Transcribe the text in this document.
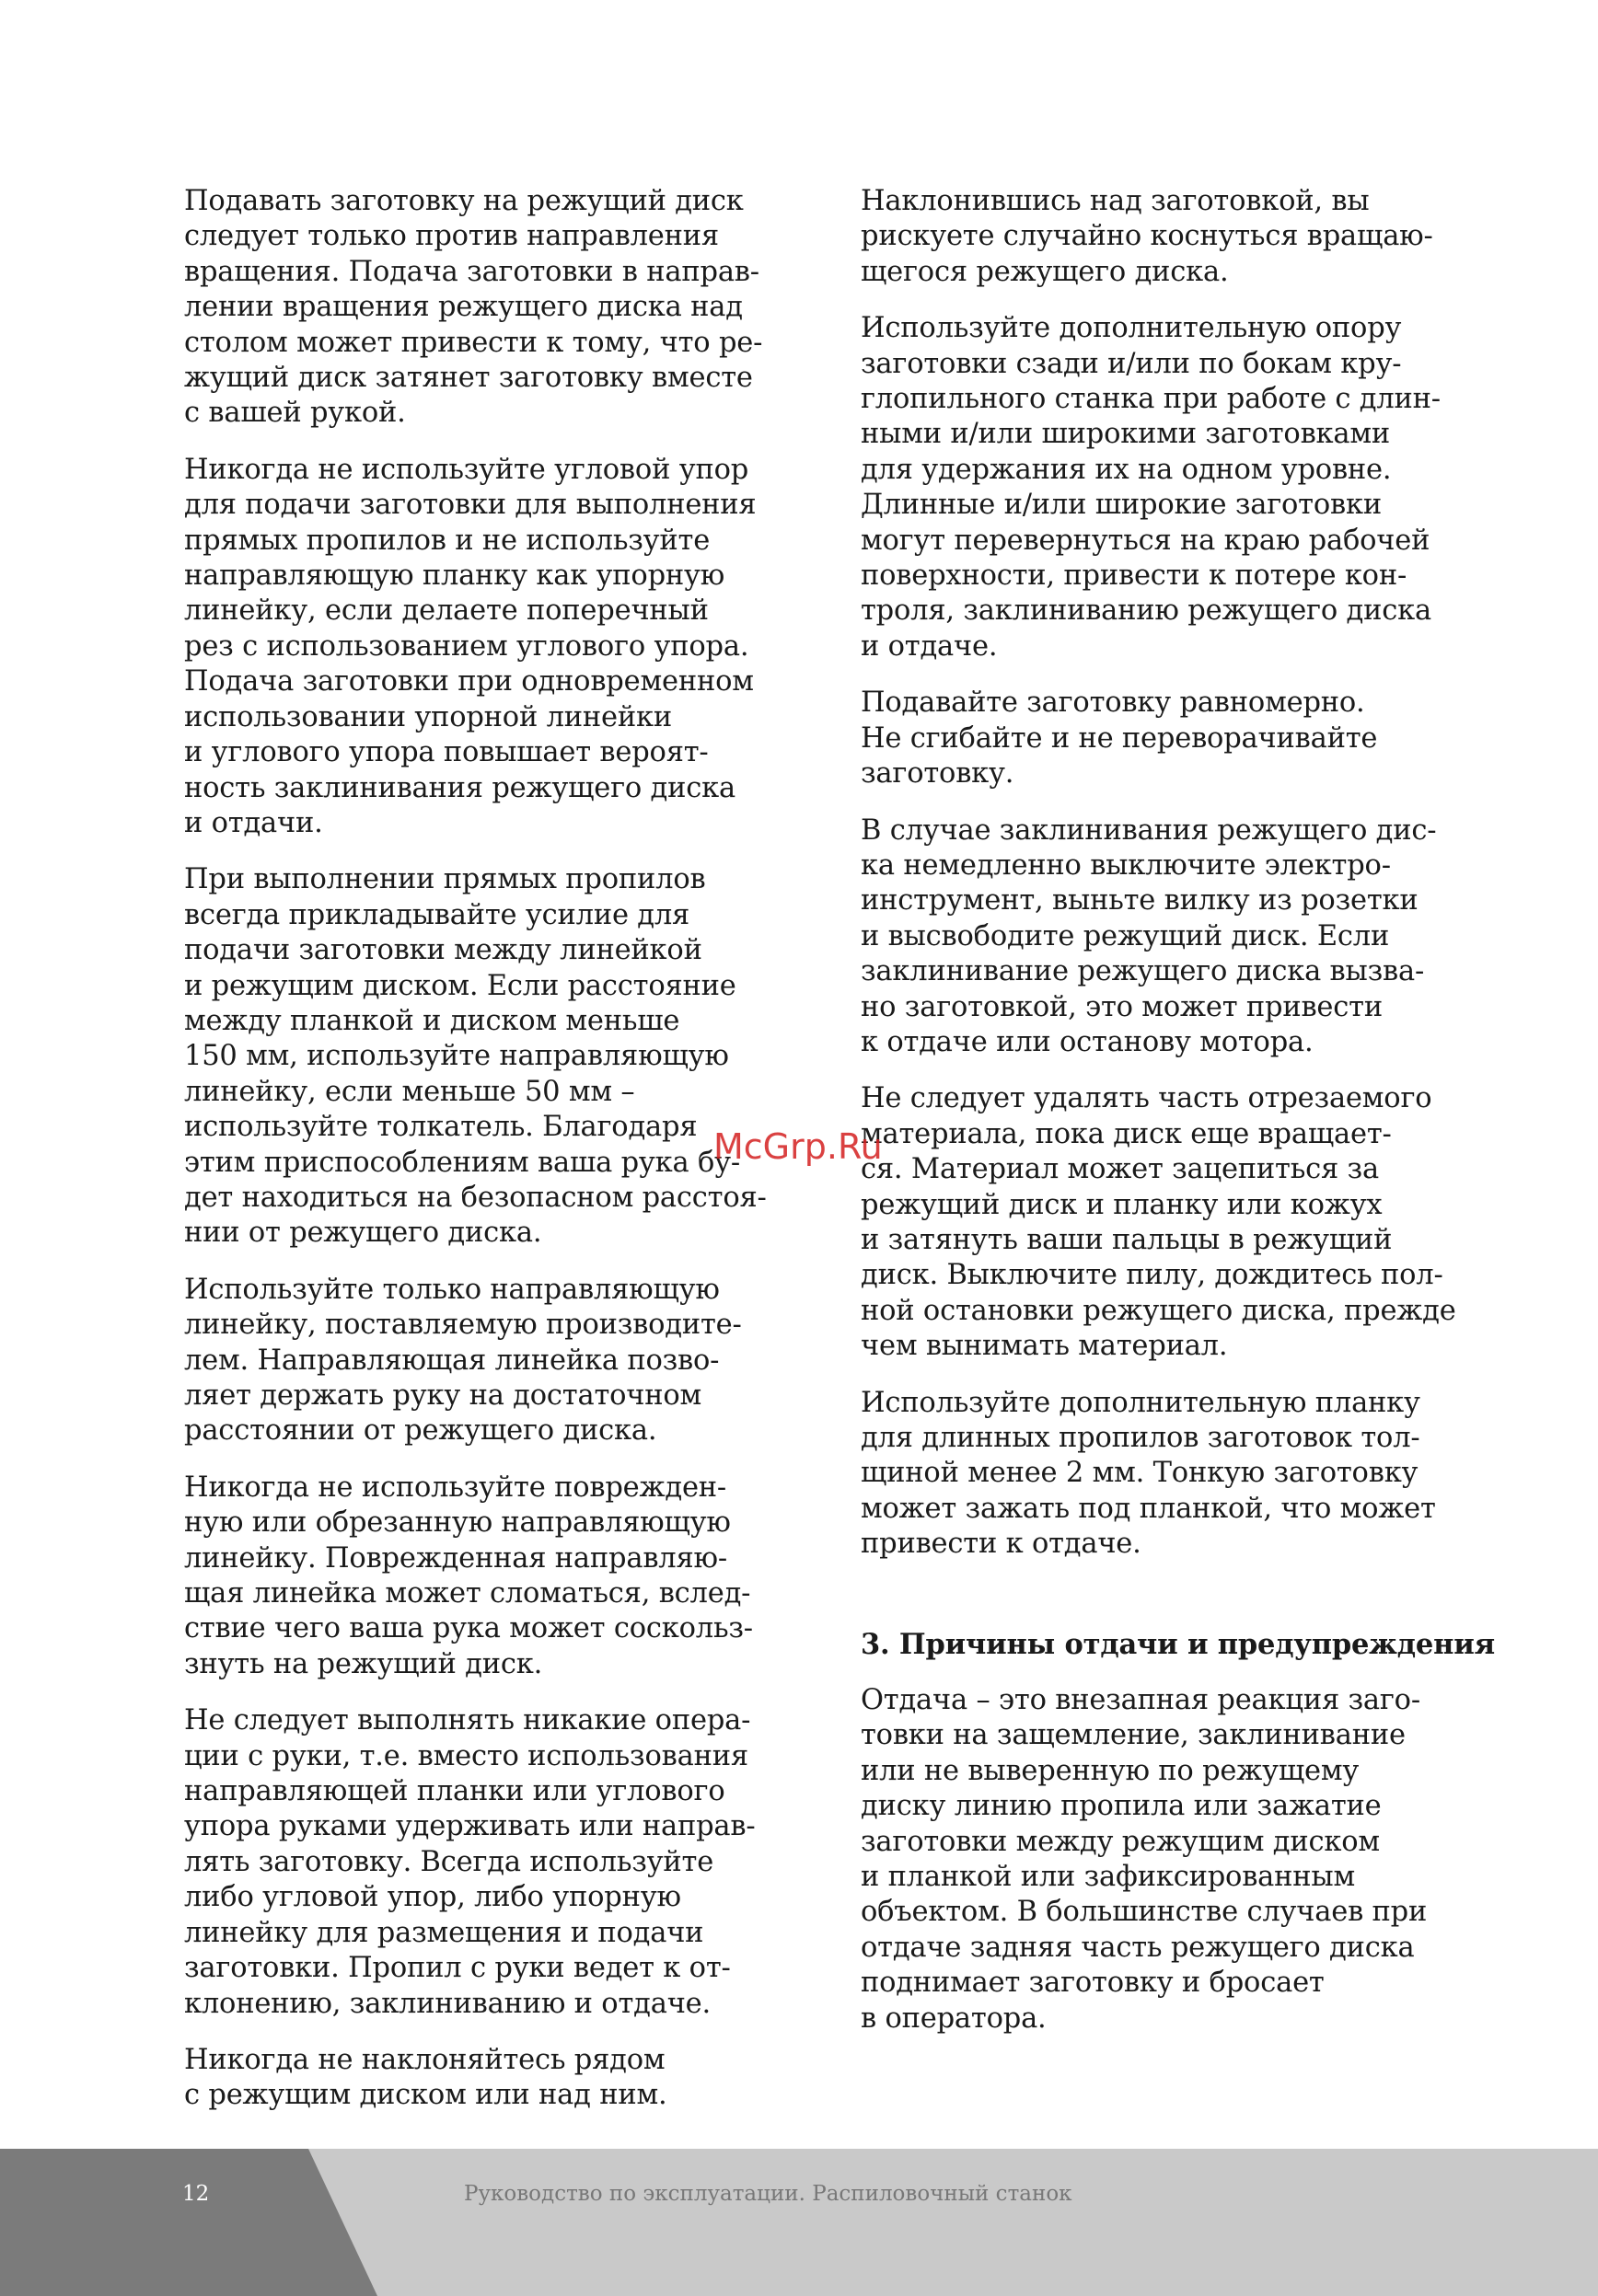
Подавать заготовку на режущий диск
следует только против направления
вращения. Подача заготовки в направ-
лении вращения режущего диска над
столом может привести к тому, что ре-
жущий диск затянет заготовку вместе
с вашей рукой.

Никогда не используйте угловой упор
для подачи заготовки для выполнения
прямых пропилов и не используйте
направляющую планку как упорную
линейку, если делаете поперечный
рез с использованием углового упора.
Подача заготовки при одновременном
использовании упорной линейки
и углового упора повышает вероят-
ность заклинивания режущего диска
и отдачи.

При выполнении прямых пропилов
всегда прикладывайте усилие для
подачи заготовки между линейкой
и режущим диском. Если расстояние
между планкой и диском меньше
150 мм, используйте направляющую
линейку, если меньше 50 мм –
используйте толкатель. Благодаря
этим приспособлениям ваша рука бу-
дет находиться на безопасном расстоя-
нии от режущего диска.

Используйте только направляющую
линейку, поставляемую производите-
лем. Направляющая линейка позво-
ляет держать руку на достаточном
расстоянии от режущего диска.

Никогда не используйте поврежден-
ную или обрезанную направляющую
линейку. Поврежденная направляю-
щая линейка может сломаться, вслед-
ствие чего ваша рука может соскольз-
знуть на режущий диск.

Не следует выполнять никакие опера-
ции с руки, т.е. вместо использования
направляющей планки или углового
упора руками удерживать или направ-
лять заготовку. Всегда используйте
либо угловой упор, либо упорную
линейку для размещения и подачи
заготовки. Пропил с руки ведет к от-
клонению, заклиниванию и отдаче.

Никогда не наклоняйтесь рядом
с режущим диском или над ним.

Наклонившись над заготовкой, вы
рискуете случайно коснуться вращаю-
щегося режущего диска.

Используйте дополнительную опору
заготовки сзади и/или по бокам кру-
глопильного станка при работе с длин-
ными и/или широкими заготовками
для удержания их на одном уровне.
Длинные и/или широкие заготовки
могут перевернуться на краю рабочей
поверхности, привести к потере кон-
троля, заклиниванию режущего диска
и отдаче.

Подавайте заготовку равномерно.
Не сгибайте и не переворачивайте
заготовку.

В случае заклинивания режущего дис-
ка немедленно выключите электро-
инструмент, выньте вилку из розетки
и высвободите режущий диск. Если
заклинивание режущего диска вызва-
но заготовкой, это может привести
к отдаче или останову мотора.

Не следует удалять часть отрезаемого
материала, пока диск еще вращает-
ся. Материал может зацепиться за
режущий диск и планку или кожух
и затянуть ваши пальцы в режущий
диск. Выключите пилу, дождитесь пол-
ной остановки режущего диска, прежде
чем вынимать материал.

Используйте дополнительную планку
для длинных пропилов заготовок тол-
щиной менее 2 мм. Тонкую заготовку
может зажать под планкой, что может
привести к отдаче.

3. Причины отдачи и предупреждения

Отдача – это внезапная реакция заго-
товки на защемление, заклинивание
или не выверенную по режущему
диску линию пропила или зажатие
заготовки между режущим диском
и планкой или зафиксированным
объектом. В большинстве случаев при
отдаче задняя часть режущего диска
поднимает заготовку и бросает
в оператора.

McGrp.Ru
12	Руководство по эксплуатации. Распиловочный станок
